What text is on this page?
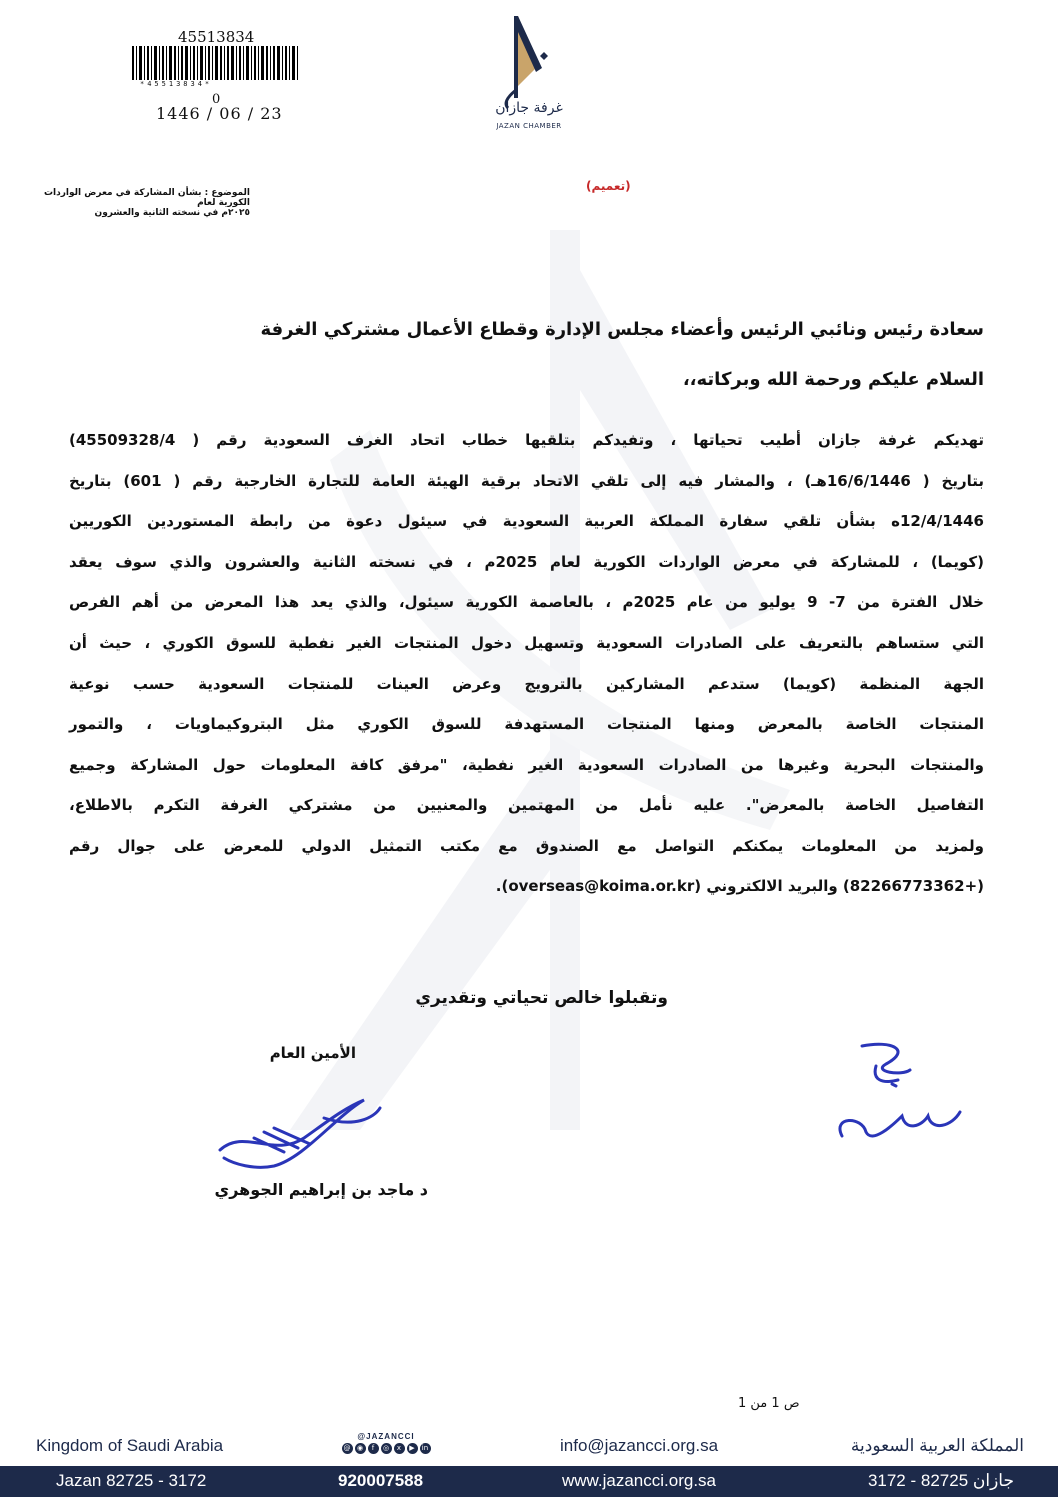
45513834
*45513834*
0
1446 / 06 / 23	غرفة جازان
JAZAN CHAMBER
(تعميم)
الموضوع : بشأن المشاركة في معرض الواردات الكورية لعام
٢٠٢٥م في نسخته الثانية والعشرون
سعادة رئيس ونائبي الرئيس وأعضاء مجلس الإدارة وقطاع الأعمال مشتركي الغرفة
السلام عليكم ورحمة الله وبركاته،،
تهديكم غرفة جازان أطيب تحياتها ، وتفيدكم بتلقيها خطاب اتحاد الغرف السعودية رقم ( 45509328/4)
بتاريخ ( 16/6/1446هـ) ، والمشار فيه إلى تلقي الاتحاد برقية الهيئة العامة للتجارة الخارجية رقم ( 601) بتاريخ
12/4/1446ه بشأن تلقي سفارة المملكة العربية السعودية في سيئول دعوة من رابطة المستوردين الكوريين
(كويما) ، للمشاركة في معرض الواردات الكورية لعام 2025م ، في نسخته الثانية والعشرون والذي سوف يعقد
خلال الفترة من 7- 9 يوليو من عام 2025م ، بالعاصمة الكورية سيئول، والذي يعد هذا المعرض من أهم الفرص
التي ستساهم بالتعريف على الصادرات السعودية وتسهيل دخول المنتجات الغير نفطية للسوق الكوري ، حيث أن
الجهة المنظمة (كويما) ستدعم المشاركين بالترويج وعرض العينات للمنتجات السعودية حسب نوعية
المنتجات الخاصة بالمعرض ومنها المنتجات المستهدفة للسوق الكوري مثل البتروكيماويات ، والتمور
والمنتجات البحرية وغيرها من الصادرات السعودية الغير نفطية، "مرفق كافة المعلومات حول المشاركة وجميع
التفاصيل الخاصة بالمعرض". عليه نأمل من المهتمين والمعنيين من مشتركي الغرفة التكرم بالاطلاع،
ولمزيد من المعلومات يمكنكم التواصل مع الصندوق مع مكتب التمثيل الدولي للمعرض على جوال رقم
(+82266773362) والبريد الالكتروني (overseas@koima.or.kr).
وتقبلوا خالص تحياتي وتقديري
الأمين العام
د ماجد بن إبراهيم الجوهري
ص 1 من 1
Kingdom of Saudi Arabia	@JAZANCCI
@ ◉	f	◎	x	▶	in	info@jazancci.org.sa	المملكة العربية السعودية
Jazan 82725 - 3172	920007588	www.jazancci.org.sa	جازان 82725 - 3172
